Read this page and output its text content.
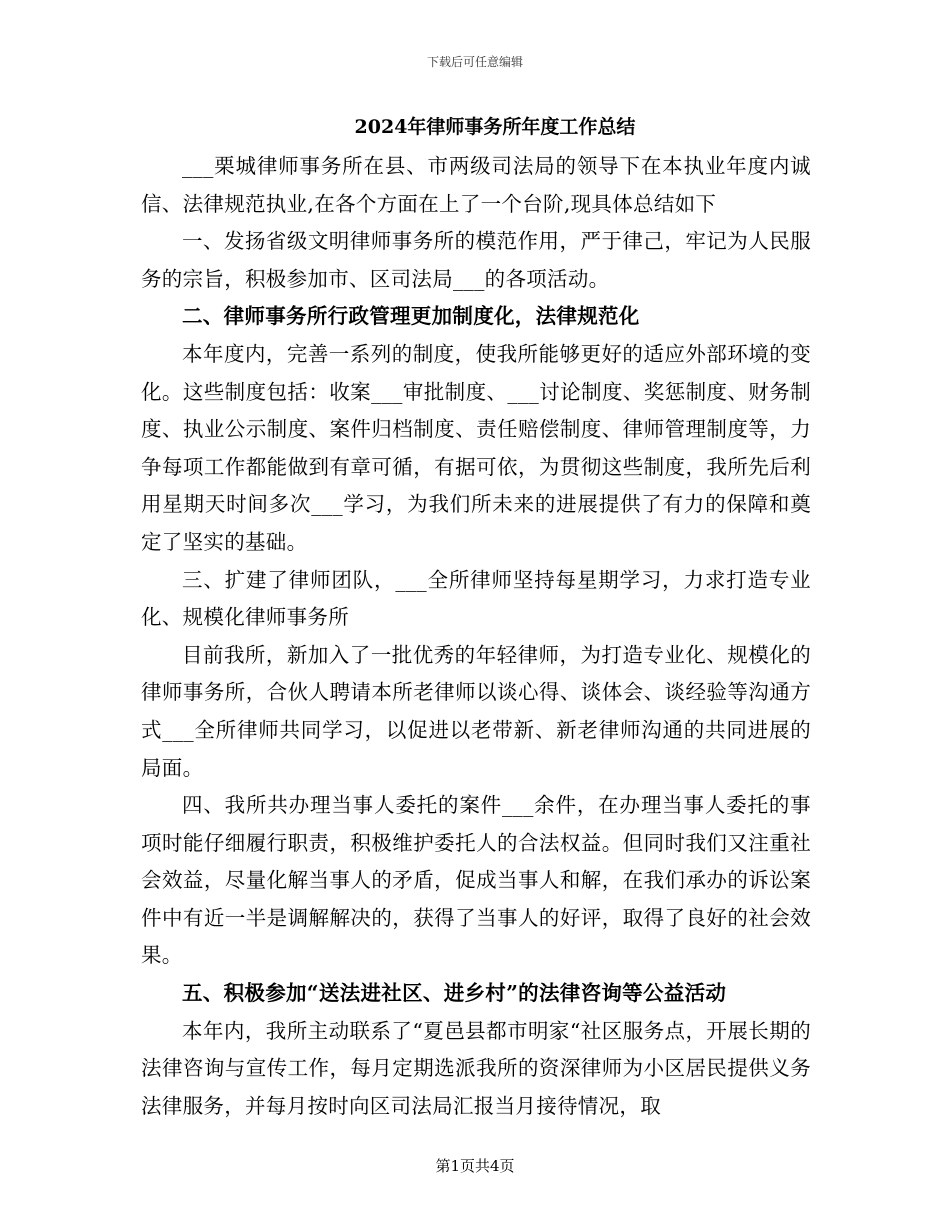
下载后可任意编辑
2024年律师事务所年度工作总结

___栗城律师事务所在县、市两级司法局的领导下在本执业年度内诚信、法律规范执业,在各个方面在上了一个台阶,现具体总结如下

一、发扬省级文明律师事务所的模范作用，严于律己，牢记为人民服务的宗旨，积极参加市、区司法局___的各项活动。

二、律师事务所行政管理更加制度化，法律规范化

本年度内，完善一系列的制度，使我所能够更好的适应外部环境的变化。这些制度包括：收案___审批制度、___讨论制度、奖惩制度、财务制度、执业公示制度、案件归档制度、责任赔偿制度、律师管理制度等，力争每项工作都能做到有章可循，有据可依，为贯彻这些制度，我所先后利用星期天时间多次___学习，为我们所未来的进展提供了有力的保障和奠定了坚实的基础。

三、扩建了律师团队，___全所律师坚持每星期学习，力求打造专业化、规模化律师事务所

目前我所，新加入了一批优秀的年轻律师，为打造专业化、规模化的律师事务所，合伙人聘请本所老律师以谈心得、谈体会、谈经验等沟通方式___全所律师共同学习，以促进以老带新、新老律师沟通的共同进展的局面。

四、我所共办理当事人委托的案件___余件，在办理当事人委托的事项时能仔细履行职责，积极维护委托人的合法权益。但同时我们又注重社会效益，尽量化解当事人的矛盾，促成当事人和解，在我们承办的诉讼案件中有近一半是调解解决的，获得了当事人的好评，取得了良好的社会效果。

五、积极参加“送法进社区、进乡村”的法律咨询等公益活动

本年内，我所主动联系了“夏邑县都市明家“社区服务点，开展长期的法律咨询与宣传工作，每月定期选派我所的资深律师为小区居民提供义务法律服务，并每月按时向区司法局汇报当月接待情况，取

第1页共4页
